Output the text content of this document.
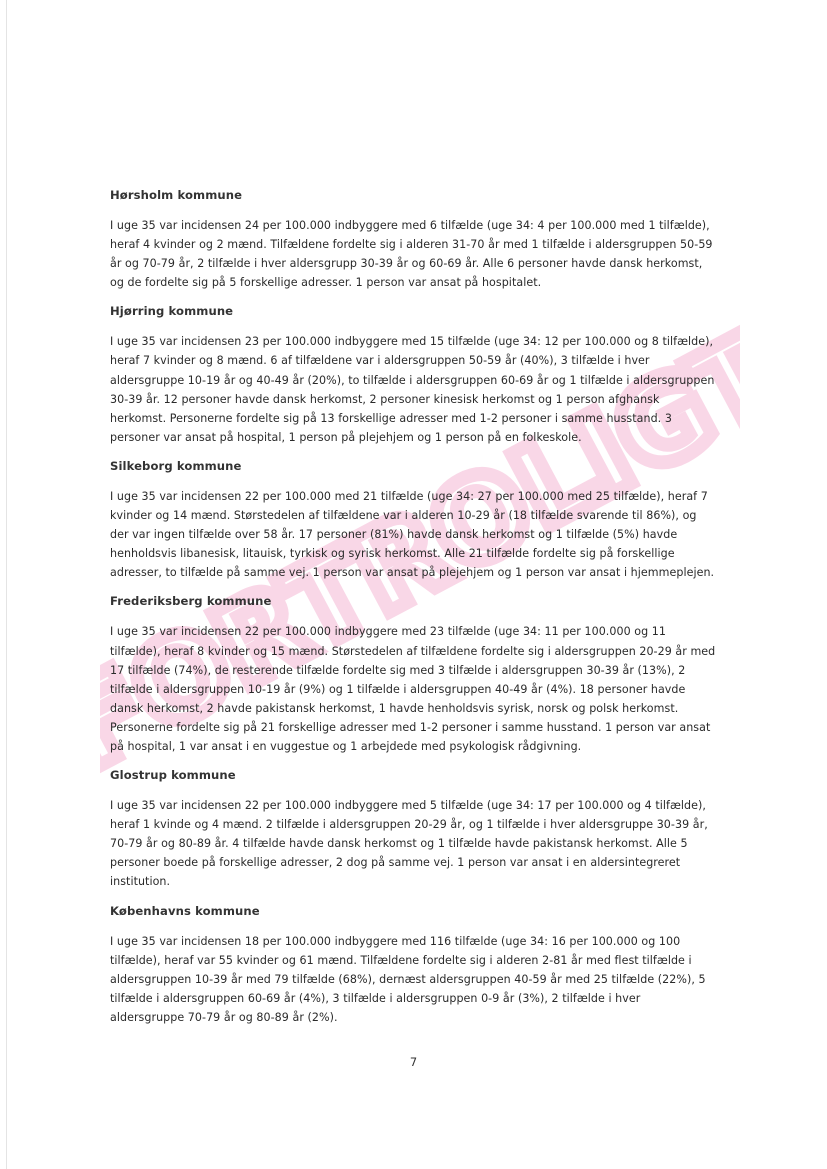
FORTROLIGT
Hørsholm kommune
I uge 35 var incidensen 24 per 100.000 indbyggere med 6 tilfælde (uge 34: 4 per 100.000 med 1 tilfælde), heraf 4 kvinder og 2 mænd. Tilfældene fordelte sig i alderen 31-70 år med 1 tilfælde i aldersgruppen 50-59 år og 70-79 år, 2 tilfælde i hver aldersgrupp 30-39 år og 60-69 år. Alle 6 personer havde dansk herkomst, og de fordelte sig på 5 forskellige adresser. 1 person var ansat på hospitalet.
Hjørring kommune
I uge 35 var incidensen 23 per 100.000 indbyggere med 15 tilfælde (uge 34: 12 per 100.000 og 8 tilfælde), heraf 7 kvinder og 8 mænd. 6 af tilfældene var i aldersgruppen 50-59 år (40%), 3 tilfælde i hver aldersgruppe 10-19 år og 40-49 år (20%), to tilfælde i aldersgruppen 60-69 år og 1 tilfælde i aldersgruppen 30-39 år. 12 personer havde dansk herkomst, 2 personer kinesisk herkomst og 1 person afghansk herkomst. Personerne fordelte sig på 13 forskellige adresser med 1-2 personer i samme husstand. 3 personer var ansat på hospital, 1 person på plejehjem og 1 person på en folkeskole.
Silkeborg kommune
I uge 35 var incidensen 22 per 100.000 med 21 tilfælde (uge 34: 27 per 100.000 med 25 tilfælde), heraf 7 kvinder og 14 mænd. Størstedelen af tilfældene var i alderen 10-29 år (18 tilfælde svarende til 86%), og der var ingen tilfælde over 58 år. 17 personer (81%) havde dansk herkomst og 1 tilfælde (5%) havde henholdsvis libanesisk, litauisk, tyrkisk og syrisk herkomst. Alle 21 tilfælde fordelte sig på forskellige adresser, to tilfælde på samme vej. 1 person var ansat på plejehjem og 1 person var ansat i hjemmeplejen.
Frederiksberg kommune
I uge 35 var incidensen 22 per 100.000 indbyggere med 23 tilfælde (uge 34: 11 per 100.000 og 11 tilfælde), heraf 8 kvinder og 15 mænd. Størstedelen af tilfældene fordelte sig i aldersgruppen 20-29 år med 17 tilfælde (74%), de resterende tilfælde fordelte sig med 3 tilfælde i aldersgruppen 30-39 år (13%), 2 tilfælde i aldersgruppen 10-19 år (9%) og 1 tilfælde i aldersgruppen 40-49 år (4%). 18 personer havde dansk herkomst, 2 havde pakistansk herkomst, 1 havde henholdsvis syrisk, norsk og polsk herkomst. Personerne fordelte sig på 21 forskellige adresser med 1-2 personer i samme husstand. 1 person var ansat på hospital, 1 var ansat i en vuggestue og 1 arbejdede med psykologisk rådgivning.
Glostrup kommune
I uge 35 var incidensen 22 per 100.000 indbyggere med 5 tilfælde (uge 34: 17 per 100.000 og 4 tilfælde), heraf 1 kvinde og 4 mænd. 2 tilfælde i aldersgruppen 20-29 år, og 1 tilfælde i hver aldersgruppe 30-39 år, 70-79 år og 80-89 år. 4 tilfælde havde dansk herkomst og 1 tilfælde havde pakistansk herkomst. Alle 5 personer boede på forskellige adresser, 2 dog på samme vej. 1 person var ansat i en aldersintegreret institution.
Københavns kommune
I uge 35 var incidensen 18 per 100.000 indbyggere med 116 tilfælde (uge 34: 16 per 100.000 og 100 tilfælde), heraf var 55 kvinder og 61 mænd. Tilfældene fordelte sig i alderen 2-81 år med flest tilfælde i aldersgruppen 10-39 år med 79 tilfælde (68%), dernæst aldersgruppen 40-59 år med 25 tilfælde (22%), 5 tilfælde i aldersgruppen 60-69 år (4%), 3 tilfælde i aldersgruppen 0-9 år (3%), 2 tilfælde i hver aldersgruppe 70-79 år og 80-89 år (2%).
7
